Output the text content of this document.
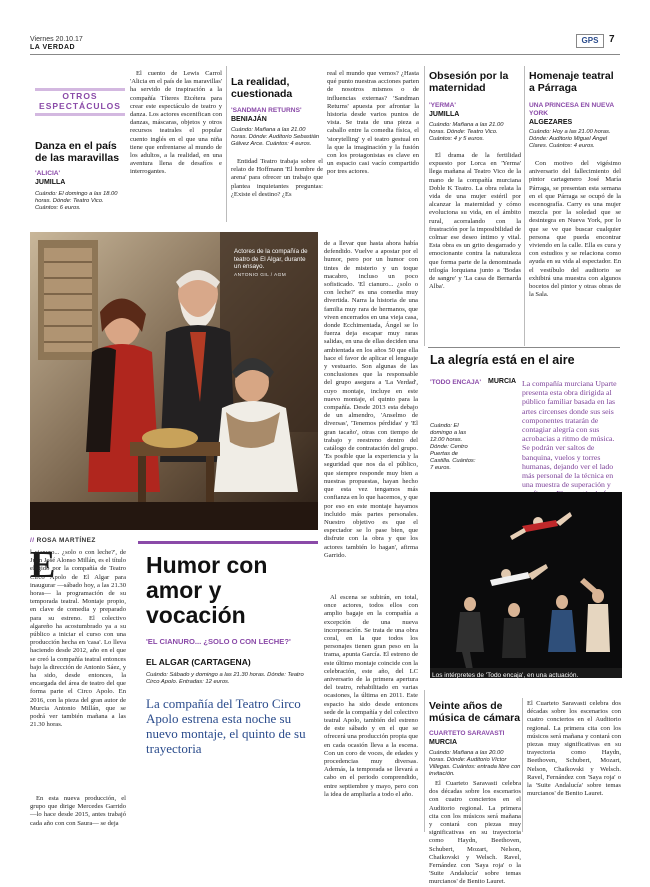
Viernes 20.10.17
LA VERDAD
GPS	7
OTROS ESPECTÁCULOS
Danza en el país de las maravillas
'ALICIA'
JUMILLA
Cuándo: El domingo a las 18.00 horas. Dónde: Teatro Vico. Cuántos: 6 euros.
El cuento de Lewis Carrol 'Alicia en el país de las maravillas' ha servido de inspiración a la compañía Títeres Etcétera para crear este espectáculo de teatro y danza. Los actores escenifican con danzas, máscaras, objetos y otros recursos teatrales el popular cuento inglés en el que una niña tiene que enfrentarse al mundo de los adultos, a la realidad, en una aventura llena de desafíos e interrogantes.
La realidad, cuestionada
'SANDMAN RETURNS'
BENIAJÁN
Cuándo: Mañana a las 21.00 horas. Dónde: Auditorio Sebastián Gálvez Arce. Cuántos: 4 euros.
Entidad Teatro trabaja sobre el relato de Hoffmann 'El hombre de arena' para ofrecer un trabajo que plantea inquietantes preguntas: ¿Existe el destino? ¿Es
real el mundo que vemos? ¿Hasta qué punto nuestras acciones parten de nosotros mismos o de influencias externas? 'Sandman Returns' apuesta por afrontar la historia desde varios puntos de vista. Se trata de una pieza a caballo entre la comedia física, el 'storytelling' y el teatro gestual en la que la imaginación y la fusión con los protagonistas es clave en un espacio casi vacío compartido por tres actores.
Obsesión por la maternidad
'YERMA'
JUMILLA
Cuándo: Mañana a las 21.00 horas. Dónde: Teatro Vico. Cuántos: 4 y 5 euros.
El drama de la fertilidad expuesto por Lorca en 'Yerma' llega mañana al Teatro Vico de la mano de la compañía murciana Doble K Teatro. La obra relata la vida de una mujer estéril por alcanzar la maternidad y cómo evoluciona su vida, en el ámbito rural, acorralando con la frustración por la imposibilidad de colmar ese deseo íntimo y vital. Esta obra es un grito desgarrado y emocionante contra la naturaleza que forma parte de la denominada trilogía lorquiana junto a 'Bodas de sangre' y 'La casa de Bernarda Alba'.
Homenaje teatral a Párraga
UNA PRINCESA EN NUEVA YORK
ALGEZARES
Cuándo: Hoy a las 21.00 horas. Dónde: Auditorio Miguel Ángel Clares. Cuántos: 4 euros.
Con motivo del vigésimo aniversario del fallecimiento del pintor cartagenero José María Párraga, se presentan esta semana en el que Párraga se ocupó de la escenografía. Carry es una mujer mezcla por la soledad que se desintegra en Nueva York, por lo que se ve que buscar cualquier persona que pueda encontrar viviendo en la calle. Ella es cura y con estudios y se relaciona como ayuda en su vida al espectador. En el vestíbulo del auditorio se exhibirá una muestra con algunos bocetos del pintor y otras obras de la Sala.
Actores de la compañía de teatro de El Algar, durante un ensayo.
ANTONIO GIL / AGM
// ROSA MARTÍNEZ
E
l cianuro... ¿solo o con leche?', de Juan José Alonso Millán, es el título elegido por la compañía de Teatro Circo Apolo de El Algar para inaugurar —sábado hoy, a las 21.30 horas— la programación de su temporada teatral. Montaje propio, en clave de comedia y preparado para su estreno. El colectivo algareño ha acostumbrado ya a su público a iniciar el curso con una producción hecha en 'casa'. Lo lleva haciendo desde 2012, año en el que se creó la compañía teatral entonces bajo la dirección de Antonio Sáez, y ha sido, desde entonces, la encargada del área de teatro del que forma parte el Circo Apolo. En 2016, con la pieza del gran autor de Murcia Antonio Millán, que se podrá ver también mañana a las 21.30 horas.
En esta nueva producción, el grupo que dirige Mercedes Garrido —lo hace desde 2015, antes trabajó cada año con con Saura— se deja
Humor con amor y vocación
'EL CIANURO... ¿SOLO O CON LECHE?'
EL ALGAR (CARTAGENA)
Cuándo: Sábado y domingo a las 21.30 horas. Dónde: Teatro Circo Apolo. Entradas: 12 euros.
La compañía del Teatro Circo Apolo estrena esta noche su nuevo montaje, el quinto de su trayectoria
de a llevar que hasta ahora había defendido. Vuelve a apostar por el humor, pero por un humor con tintes de misterio y un toque macabro, incluso un poco sofisticado. 'El cianuro... ¿solo o con leche?' es una comedia muy divertida. Narra la historia de una familia muy rara de hermanos, que viven encerrados en una vieja casa, donde Ecchimentada, Ángel se lo fuerza deja escapar muy raras salidas, en una de ellas deciden una ambientada en los años 50 que ella hace el favor de aplicar el lenguaje y vestuario. Son algunas de las conclusiones que la responsable del grupo asegura a 'La Verdad', cuyo montaje, incluye en este nuevo montaje, el quinto para la compañía. Desde 2013 esta debajo de un almendro, 'Anselmo de diversas', 'Tenemos pérdidas' y 'El gran tacaño', otras con tiempo de trabajo y reestreno dentro del catálogo de contratación del grupo. 'Es posible que la experiencia y la seguridad que nos da el público, que siempre responde muy bien a nuestras propuestas, hayan hecho que esta vez tengamos más confianza en lo que hacemos, y que por eso en este montaje hayamos incluido más partes personales. Nuestro objetivo es que el espectador se lo pase bien, que disfrute con la obra y que los actores también lo hagan', afirma Garrido.
Al escena se subirán, en total, once actores, todos ellos con amplio bagaje en la compañía a excepción de una nueva incorporación. Se trata de una obra coral, en la que todos los personajes tienen gran peso en la trama, apunta García. El estreno de este último montaje coincide con la celebración, este año, del LC aniversario de la primera apertura del teatro, rehabilitado en varias ocasiones, la última en 2011. Este espacio ha sido desde entonces sede de la compañía y del colectivo teatral Apolo, también del estreno de este sábado y en el que se ofrecerá una producción propia que en cada ocasión lleva a la escena. Con un coro de voces, de edades y procedencias muy diversas. Además, la temporada se llevará a cabo en el periodo comprendido, entre septiembre y mayo, pero con la idea de ampliarla a todo el año.
La alegría está en el aire
'TODO ENCAJA' MURCIA
Cuándo: El domingo a las 12.00 horas. Dónde: Centro Puertas de Castilla. Cuántos: 7 euros.
La compañía murciana Uparte presenta esta obra dirigida al público familiar basada en las artes circenses donde sus seis componentes tratarán de contagiar alegría con sus acrobacias a ritmo de música. Se podrán ver saltos de banquina, vuelos y torres humanas, dejando ver el lado más personal de la técnica en una muestra de superación y
Los intérpretes de 'Todo encaja', en una actuación.
Veinte años de música de cámara
CUARTETO SARAVASTI
MURCIA
Cuándo: Mañana a las 20.00 horas. Dónde: Auditorio Víctor Villegas. Cuántos: entrada libre con invitación.
El Cuarteto Saravasti celebra dos décadas sobre los escenarios con cuatro conciertos en el Auditorio regional. La primera cita con los músicos será mañana y contará con piezas muy significativas en su trayectoria como Haydn, Beethoven, Schubert, Mozart, Nelson, Chaikovski y Welsch. Ravel, Fernández con 'Saya roja' o la 'Suite Andalucía' sobre temas murcianos' de Benito Lauret.
El Cuarteto Saravasti celebra dos décadas sobre los escenarios con cuatro conciertos en el Auditorio regional. La primera cita con los músicos será mañana y contará con piezas muy significativas en su trayectoria como Haydn, Beethoven, Schubert, Mozart, Nelson, Chaikovski y Welsch. Ravel, Fernández con 'Saya roja' o la 'Suite Andalucía' sobre temas murcianos' de Benito Lauret.
